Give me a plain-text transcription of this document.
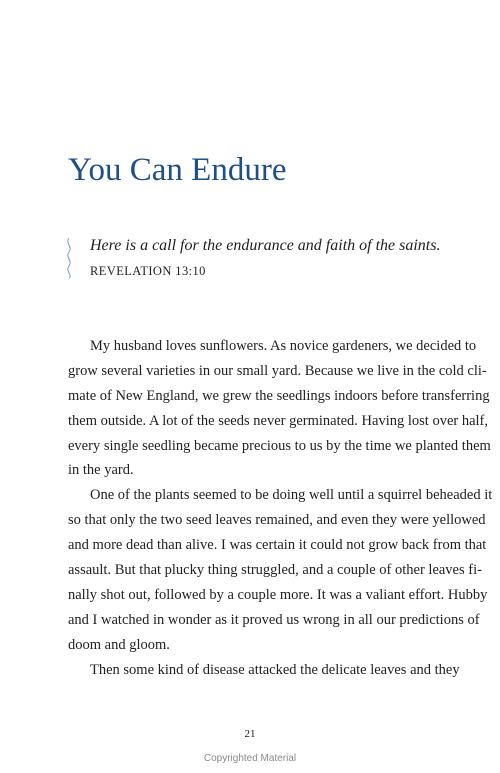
You Can Endure

Here is a call for the endurance and faith of the saints.

REVELATION 13:10

My husband loves sunflowers. As novice gardeners, we decided to
grow several varieties in our small yard. Because we live in the cold cli-
mate of New England, we grew the seedlings indoors before transferring
them outside. A lot of the seeds never germinated. Having lost over half,
every single seedling became precious to us by the time we planted them
in the yard.
One of the plants seemed to be doing well until a squirrel beheaded it
so that only the two seed leaves remained, and even they were yellowed
and more dead than alive. I was certain it could not grow back from that
assault. But that plucky thing struggled, and a couple of other leaves fi-
nally shot out, followed by a couple more. It was a valiant effort. Hubby
and I watched in wonder as it proved us wrong in all our predictions of
doom and gloom.
Then some kind of disease attacked the delicate leaves and they

21

Copyrighted Material
